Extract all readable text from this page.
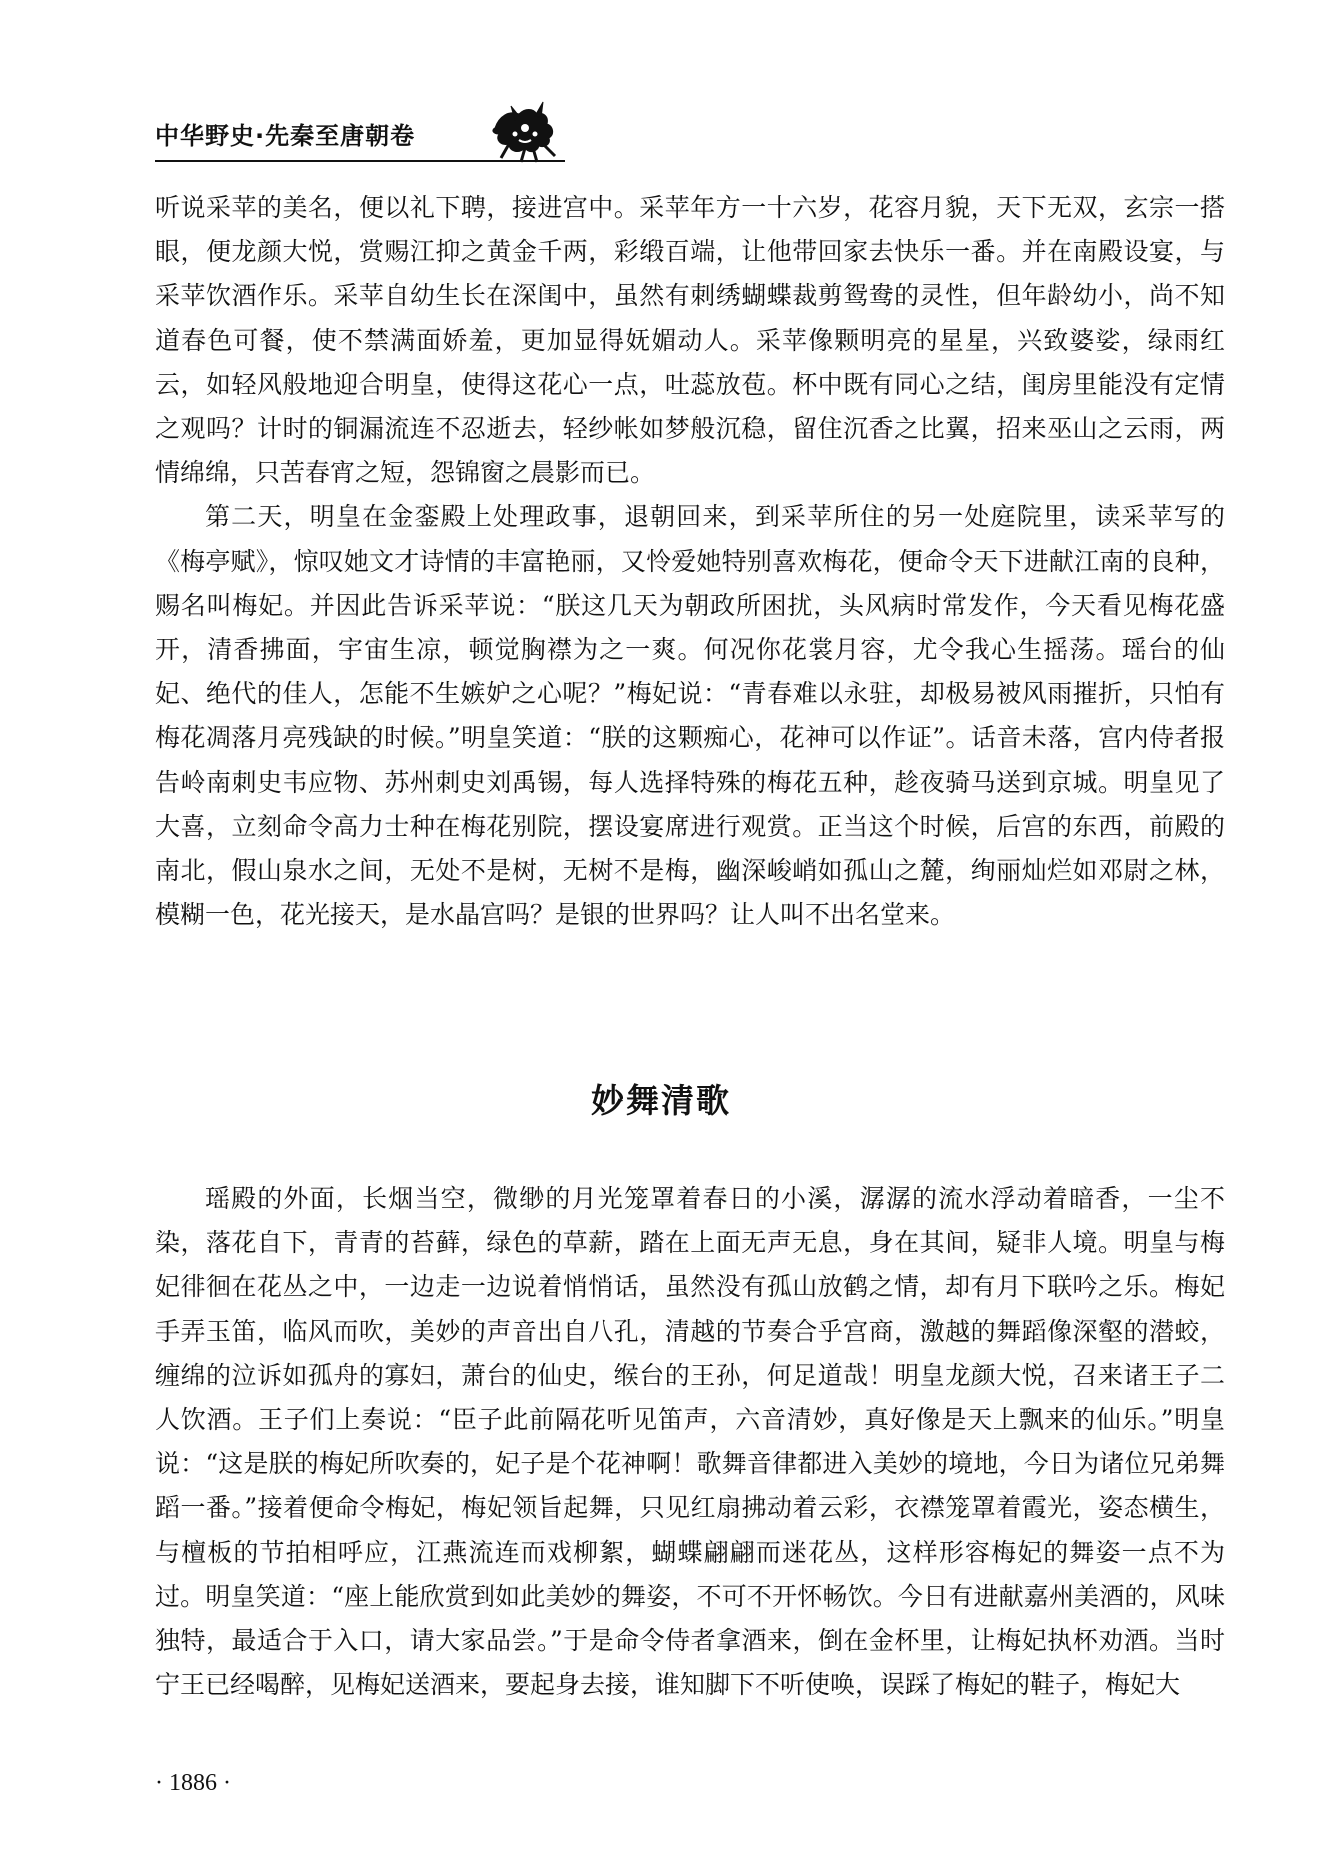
中华野史·先秦至唐朝卷

听说采苹的美名，便以礼下聘，接进宫中。采苹年方一十六岁，花容月貌，天下无双，玄宗一搭眼，便龙颜大悦，赏赐江抑之黄金千两，彩缎百端，让他带回家去快乐一番。并在南殿设宴，与采苹饮酒作乐。采苹自幼生长在深闺中，虽然有刺绣蝴蝶裁剪鸳鸯的灵性，但年龄幼小，尚不知道春色可餐，使不禁满面娇羞，更加显得妩媚动人。采苹像颗明亮的星星，兴致婆娑，绿雨红云，如轻风般地迎合明皇，使得这花心一点，吐蕊放苞。杯中既有同心之结，闺房里能没有定情之观吗？计时的铜漏流连不忍逝去，轻纱帐如梦般沉稳，留住沉香之比翼，招来巫山之云雨，两情绵绵，只苦春宵之短，怨锦窗之晨影而已。

第二天，明皇在金銮殿上处理政事，退朝回来，到采苹所住的另一处庭院里，读采苹写的《梅亭赋》，惊叹她文才诗情的丰富艳丽，又怜爱她特别喜欢梅花，便命令天下进献江南的良种，赐名叫梅妃。并因此告诉采苹说：“朕这几天为朝政所困扰，头风病时常发作，今天看见梅花盛开，清香拂面，宇宙生凉，顿觉胸襟为之一爽。何况你花裳月容，尤令我心生摇荡。瑶台的仙妃、绝代的佳人，怎能不生嫉妒之心呢？”梅妃说：“青春难以永驻，却极易被风雨摧折，只怕有梅花凋落月亮残缺的时候。”明皇笑道：“朕的这颗痴心，花神可以作证”。话音未落，宫内侍者报告岭南刺史韦应物、苏州刺史刘禹锡，每人选择特殊的梅花五种，趁夜骑马送到京城。明皇见了大喜，立刻命令高力士种在梅花别院，摆设宴席进行观赏。正当这个时候，后宫的东西，前殿的南北，假山泉水之间，无处不是树，无树不是梅，幽深峻峭如孤山之麓，绚丽灿烂如邓尉之林，模糊一色，花光接天，是水晶宫吗？是银的世界吗？让人叫不出名堂来。

妙舞清歌

瑶殿的外面，长烟当空，微缈的月光笼罩着春日的小溪，潺潺的流水浮动着暗香，一尘不染，落花自下，青青的苔藓，绿色的草薪，踏在上面无声无息，身在其间，疑非人境。明皇与梅妃徘徊在花丛之中，一边走一边说着悄悄话，虽然没有孤山放鹤之情，却有月下联吟之乐。梅妃手弄玉笛，临风而吹，美妙的声音出自八孔，清越的节奏合乎宫商，激越的舞蹈像深壑的潜蛟，缠绵的泣诉如孤舟的寡妇，萧台的仙史，缑台的王孙，何足道哉！明皇龙颜大悦，召来诸王子二人饮酒。王子们上奏说：“臣子此前隔花听见笛声，六音清妙，真好像是天上飘来的仙乐。”明皇说：“这是朕的梅妃所吹奏的，妃子是个花神啊！歌舞音律都进入美妙的境地，今日为诸位兄弟舞蹈一番。”接着便命令梅妃，梅妃领旨起舞，只见红扇拂动着云彩，衣襟笼罩着霞光，姿态横生，与檀板的节拍相呼应，江燕流连而戏柳絮，蝴蝶翩翩而迷花丛，这样形容梅妃的舞姿一点不为过。明皇笑道：“座上能欣赏到如此美妙的舞姿，不可不开怀畅饮。今日有进献嘉州美酒的，风味独特，最适合于入口，请大家品尝。”于是命令侍者拿酒来，倒在金杯里，让梅妃执杯劝酒。当时宁王已经喝醉，见梅妃送酒来，要起身去接，谁知脚下不听使唤，误踩了梅妃的鞋子，梅妃大

· 1886 ·
